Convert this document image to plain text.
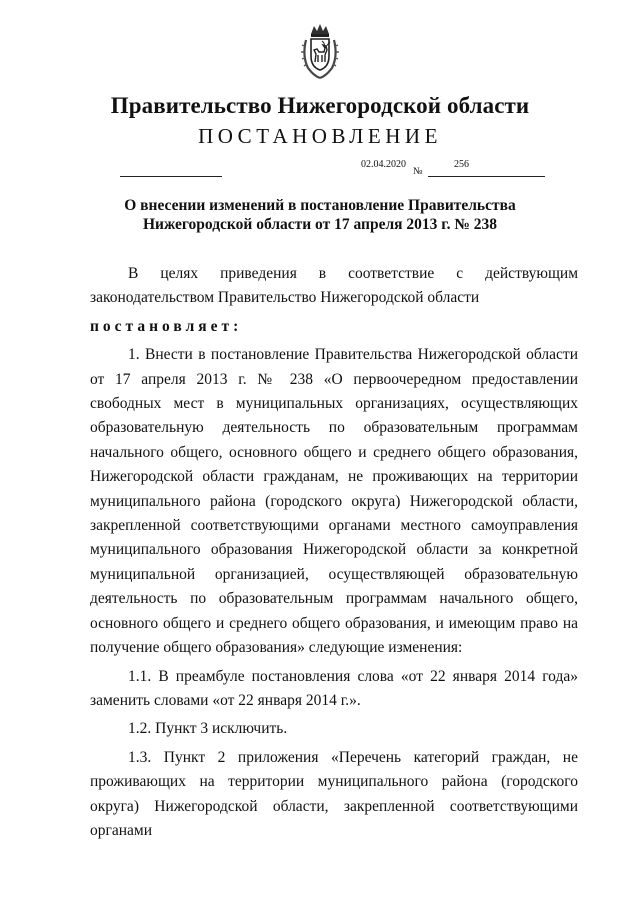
Правительство Нижегородской области
ПОСТАНОВЛЕНИЕ
02.04.2020
№
256
О внесении изменений в постановление Правительства
Нижегородской области от 17 апреля 2013 г. № 238

В целях приведения в соответствие с действующим законодательством Правительство Нижегородской области

постановляет:

1. Внести в постановление Правительства Нижегородской области от 17 апреля 2013 г. № 238 «О первоочередном предоставлении свободных мест в муниципальных организациях, осуществляющих образовательную деятельность по образовательным программам начального общего, основного общего и среднего общего образования, Нижегородской области гражданам, не проживающих на территории муниципального района (городского округа) Нижегородской области, закрепленной соответствующими органами местного самоуправления муниципального образования Нижегородской области за конкретной муниципальной организацией, осуществляющей образовательную деятельность по образовательным программам начального общего, основного общего и среднего общего образования, и имеющим право на получение общего образования» следующие изменения:

1.1. В преамбуле постановления слова «от 22 января 2014 года» заменить словами «от 22 января 2014 г.».

1.2. Пункт 3 исключить.

1.3. Пункт 2 приложения «Перечень категорий граждан, не проживающих на территории муниципального района (городского округа) Нижегородской области, закрепленной соответствующими органами
